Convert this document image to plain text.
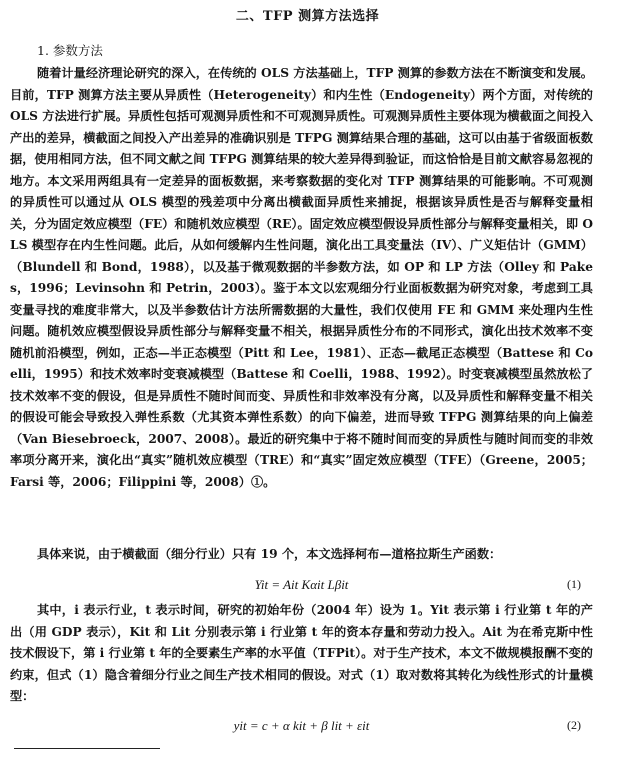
二、TFP 测算方法选择
1. 参数方法
随着计量经济理论研究的深入，在传统的 OLS 方法基础上，TFP 测算的参数方法在不断演变和发展。目前，TFP 测算方法主要从异质性（Heterogeneity）和内生性（Endogeneity）两个方面，对传统的 OLS 方法进行扩展。异质性包括可观测异质性和不可观测异质性。可观测异质性主要体现为横截面之间投入产出的差异，横截面之间投入产出差异的准确识别是 TFPG 测算结果合理的基础，这可以由基于省级面板数据，使用相同方法，但不同文献之间 TFPG 测算结果的较大差异得到验证，而这恰恰是目前文献容易忽视的地方。本文采用两组具有一定差异的面板数据，来考察数据的变化对 TFP 测算结果的可能影响。不可观测的异质性可以通过从 OLS 模型的残差项中分离出横截面异质性来捕捉，根据该异质性是否与解释变量相关，分为固定效应模型（FE）和随机效应模型（RE）。固定效应模型假设异质性部分与解释变量相关，即 OLS 模型存在内生性问题。此后，从如何缓解内生性问题，演化出工具变量法（IV）、广义矩估计（GMM）（Blundell 和 Bond，1988），以及基于微观数据的半参数方法，如 OP 和 LP 方法（Olley 和 Pakes，1996；Levinsohn 和 Petrin，2003）。鉴于本文以宏观细分行业面板数据为研究对象，考虑到工具变量寻找的难度非常大，以及半参数估计方法所需数据的大量性，我们仅使用 FE 和 GMM 来处理内生性问题。随机效应模型假设异质性部分与解释变量不相关，根据异质性分布的不同形式，演化出技术效率不变随机前沿模型，例如，正态—半正态模型（Pitt 和 Lee，1981）、正态—截尾正态模型（Battese 和 Coelli，1995）和技术效率时变衰减模型（Battese 和 Coelli，1988、1992）。时变衰减模型虽然放松了技术效率不变的假设，但是异质性不随时间而变、异质性和非效率没有分离，以及异质性和解释变量不相关的假设可能会导致投入弹性系数（尤其资本弹性系数）的向下偏差，进而导致 TFPG 测算结果的向上偏差（Van Biesebroeck，2007、2008）。最近的研究集中于将不随时间而变的异质性与随时间而变的非效率项分离开来，演化出“真实”随机效应模型（TRE）和“真实”固定效应模型（TFE）（Greene，2005；Farsi 等，2006；Filippini 等，2008）①。
具体来说，由于横截面（细分行业）只有 19 个，本文选择柯布—道格拉斯生产函数：
Yit = Ait Kαit Lβit	(1)
其中，i 表示行业，t 表示时间，研究的初始年份（2004 年）设为 1。Yit 表示第 i 行业第 t 年的产出（用 GDP 表示），Kit 和 Lit 分别表示第 i 行业第 t 年的资本存量和劳动力投入。Ait 为在希克斯中性技术假设下，第 i 行业第 t 年的全要素生产率的水平值（TFPit）。对于生产技术，本文不做规模报酬不变的约束，但式（1）隐含着细分行业之间生产技术相同的假设。对式（1）取对数将其转化为线性形式的计量模型：
yit = c + α kit + β lit + εit	(2)
